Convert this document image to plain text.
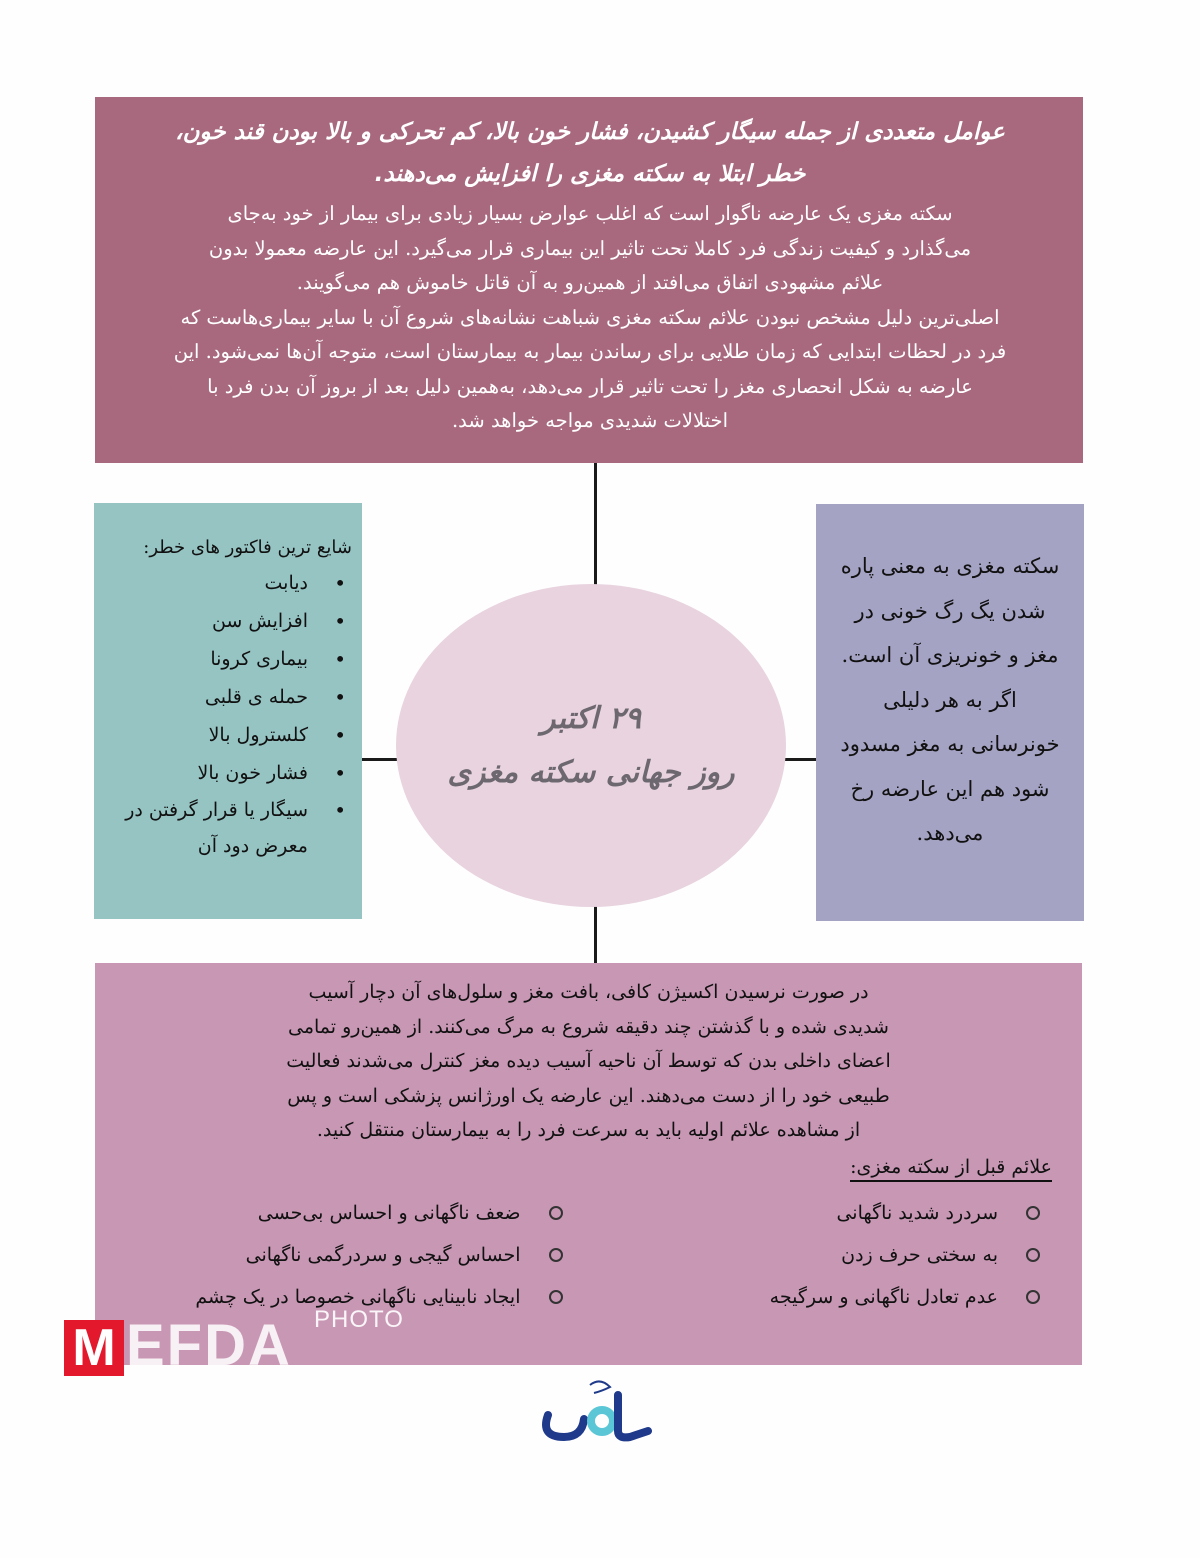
عوامل متعددی از جمله سیگار کشیدن، فشار خون بالا، کم تحرکی و بالا بودن قند خون،
خطر ابتلا به سکته مغزی را افزایش می‌دهند.

سکته مغزی یک عارضه ناگوار است که اغلب عوارض بسیار زیادی برای بیمار از خود به‌جای
می‌گذارد و کیفیت زندگی فرد کاملا تحت تاثیر این بیماری قرار می‌گیرد. این عارضه معمولا بدون
علائم مشهودی اتفاق می‌افتد از همین‌رو به آن قاتل خاموش هم می‌گویند.
اصلی‌ترین دلیل مشخص نبودن علائم سکته مغزی شباهت نشانه‌های شروع آن با سایر بیماری‌هاست که
فرد در لحظات ابتدایی که زمان طلایی برای رساندن بیمار به بیمارستان است، متوجه آن‌ها نمی‌شود. این
عارضه به شکل انحصاری مغز را تحت تاثیر قرار می‌دهد، به‌همین دلیل بعد از بروز آن بدن فرد با
اختلالات شدیدی مواجه خواهد شد.

شایع ترین فاکتور های خطر:

• دیابت
• افزایش سن
• بیماری کرونا
• حمله ی قلبی
• کلسترول بالا
• فشار خون بالا
• سیگار یا قرار گرفتن در معرض دود آن

سکته مغزی به معنی پاره
شدن یگ رگ خونی در
مغز و خونریزی آن است.
اگر به هر دلیلی
خونرسانی به مغز مسدود
شود هم این عارضه رخ
می‌دهد.

۲۹ اکتبر
روز جهانی سکته مغزی

در صورت نرسیدن اکسیژن کافی، بافت مغز و سلول‌های آن دچار آسیب
شدیدی شده و با گذشتن چند دقیقه شروع به مرگ می‌کنند. از همین‌رو تمامی
اعضای داخلی بدن که توسط آن ناحیه آسیب دیده مغز کنترل می‌شدند فعالیت
طبیعی خود را از دست می‌دهند. این عارضه یک اورژانس پزشکی است و پس
از مشاهده علائم اولیه باید به سرعت فرد را به بیمارستان منتقل کنید.

علائم قبل از سکته مغزی:
سردرد شدید ناگهانی
ضعف ناگهانی و احساس بی‌حسی
به سختی حرف زدن
احساس گیجی و سردرگمی ناگهانی
عدم تعادل ناگهانی و سرگیجه
ایجاد نابینایی ناگهانی خصوصا در یک چشم
M EFDA PHOTO
